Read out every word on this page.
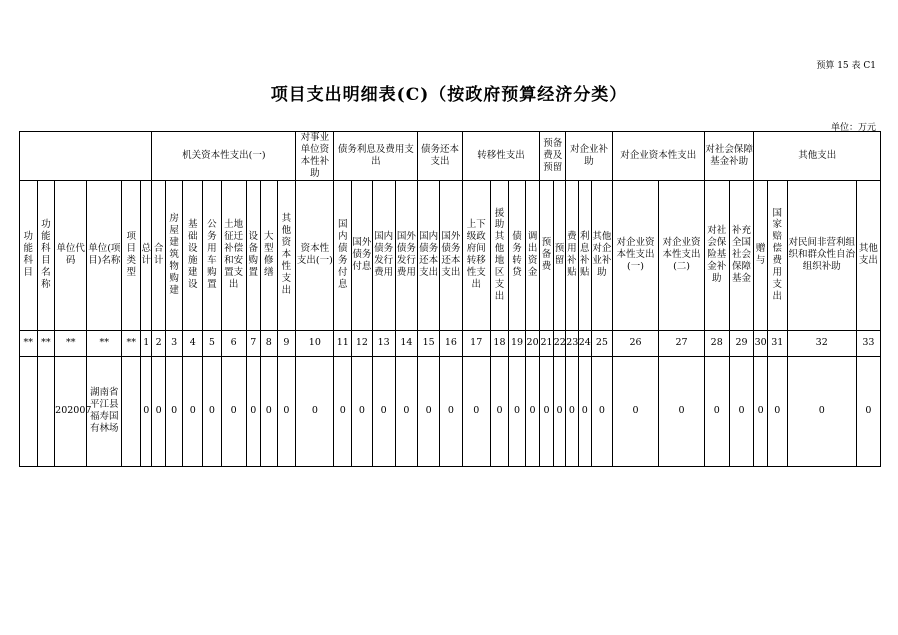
预算 15 表 C1
项目支出明细表(C)（按政府预算经济分类）
单位：万元
						机关资本性支出(一)								对事业单位资本性补助	债务利息及费用支出				债务还本支出		转移性支出				预备费及预留		对企业补助			对企业资本性支出		对社会保障基金补助		其他支出			
功能科目	功能科目名称	单位代码	单位(项目)名称	项目类型	总计	合计	房屋建筑物购建	基础设施建设	公务用车购置	土地征迁补偿和安置支出	设备购置	大型修缮	其他资本性支出	资本性支出(一)	国内债务付息	国外债务付息	国内债务发行费用	国外债务发行费用	国内债务还本支出	国外债务还本支出	上下级政府间转移性支出	援助其他地区支出	债务转贷	调出资金	预备费	预留	费用补贴	利息补贴	其他对企业补助	对企业资本性支出(一)	对企业资本性支出(二)	对社会保险基金补助	补充全国社会保障基金	赠与	国家赔偿费用支出	对民间非营利组织和群众性自治组织补助	其他支出
**	**	**	**	**	1	2	3	4	5	6	7	8	9	10	11	12	13	14	15	16	17	18	19	20	21	22	23	24	25	26	27	28	29	30	31	32	33
		202007	湖南省平江县福寿国有林场		0	0	0	0	0	0	0	0	0	0	0	0	0	0	0	0	0	0	0	0	0	0	0	0	0	0	0	0	0	0	0	0	0
